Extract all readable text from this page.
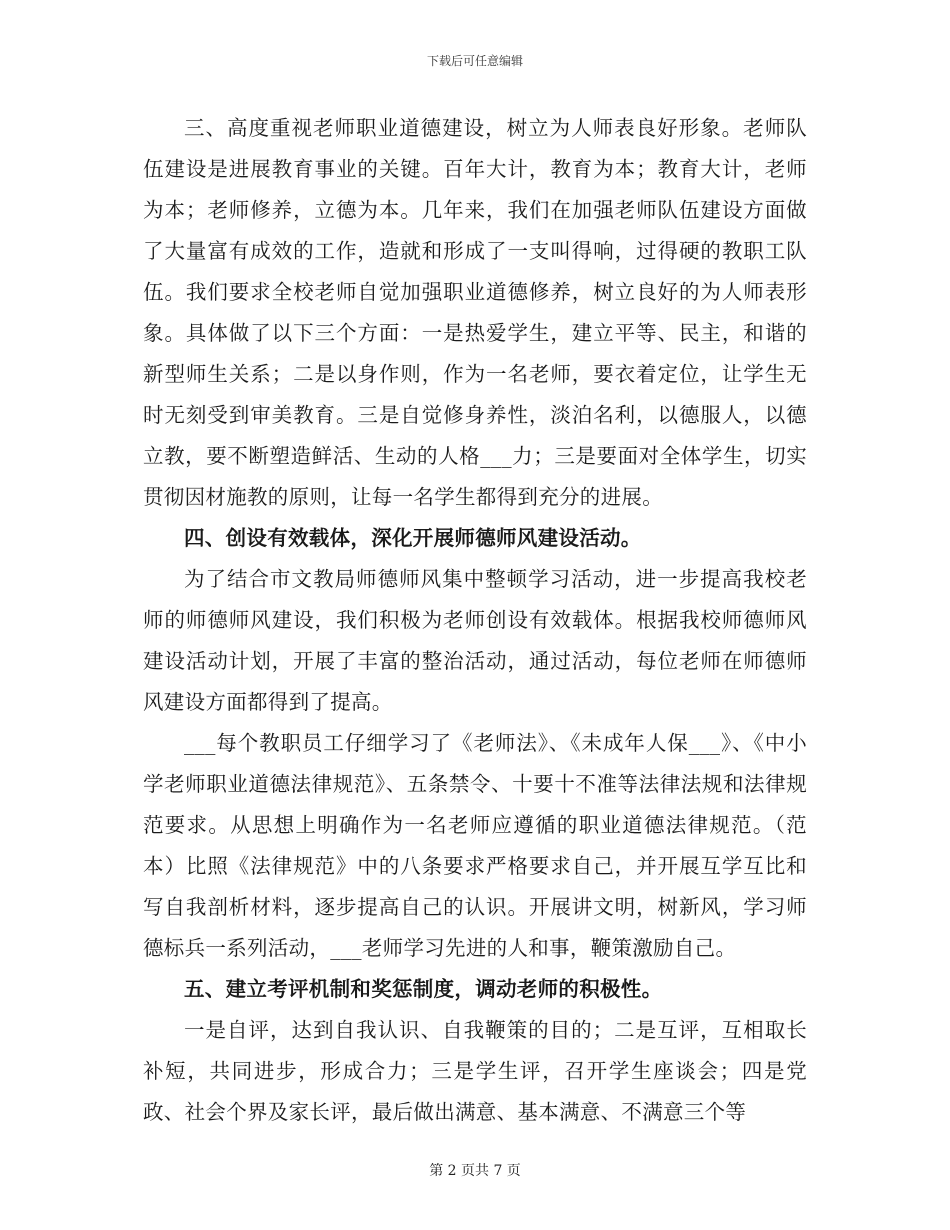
下载后可任意编辑

三、高度重视老师职业道德建设，树立为人师表良好形象。老师队伍建设是进展教育事业的关键。百年大计，教育为本；教育大计，老师为本；老师修养，立德为本。几年来，我们在加强老师队伍建设方面做了大量富有成效的工作，造就和形成了一支叫得响，过得硬的教职工队伍。我们要求全校老师自觉加强职业道德修养，树立良好的为人师表形象。具体做了以下三个方面：一是热爱学生，建立平等、民主，和谐的新型师生关系；二是以身作则，作为一名老师，要衣着定位，让学生无时无刻受到审美教育。三是自觉修身养性，淡泊名利，以德服人，以德立教，要不断塑造鲜活、生动的人格___力；三是要面对全体学生，切实贯彻因材施教的原则，让每一名学生都得到充分的进展。

四、创设有效载体，深化开展师德师风建设活动。

为了结合市文教局师德师风集中整顿学习活动，进一步提高我校老师的师德师风建设，我们积极为老师创设有效载体。根据我校师德师风建设活动计划，开展了丰富的整治活动，通过活动，每位老师在师德师风建设方面都得到了提高。

___每个教职员工仔细学习了《老师法》、《未成年人保___》、《中小学老师职业道德法律规范》、五条禁令、十要十不准等法律法规和法律规范要求。从思想上明确作为一名老师应遵循的职业道德法律规范。（范本）比照《法律规范》中的八条要求严格要求自己，并开展互学互比和写自我剖析材料，逐步提高自己的认识。开展讲文明，树新风，学习师德标兵一系列活动，___老师学习先进的人和事，鞭策激励自己。

五、建立考评机制和奖惩制度，调动老师的积极性。

一是自评，达到自我认识、自我鞭策的目的；二是互评，互相取长补短，共同进步，形成合力；三是学生评，召开学生座谈会；四是党政、社会个界及家长评，最后做出满意、基本满意、不满意三个等

第 2 页共 7 页
